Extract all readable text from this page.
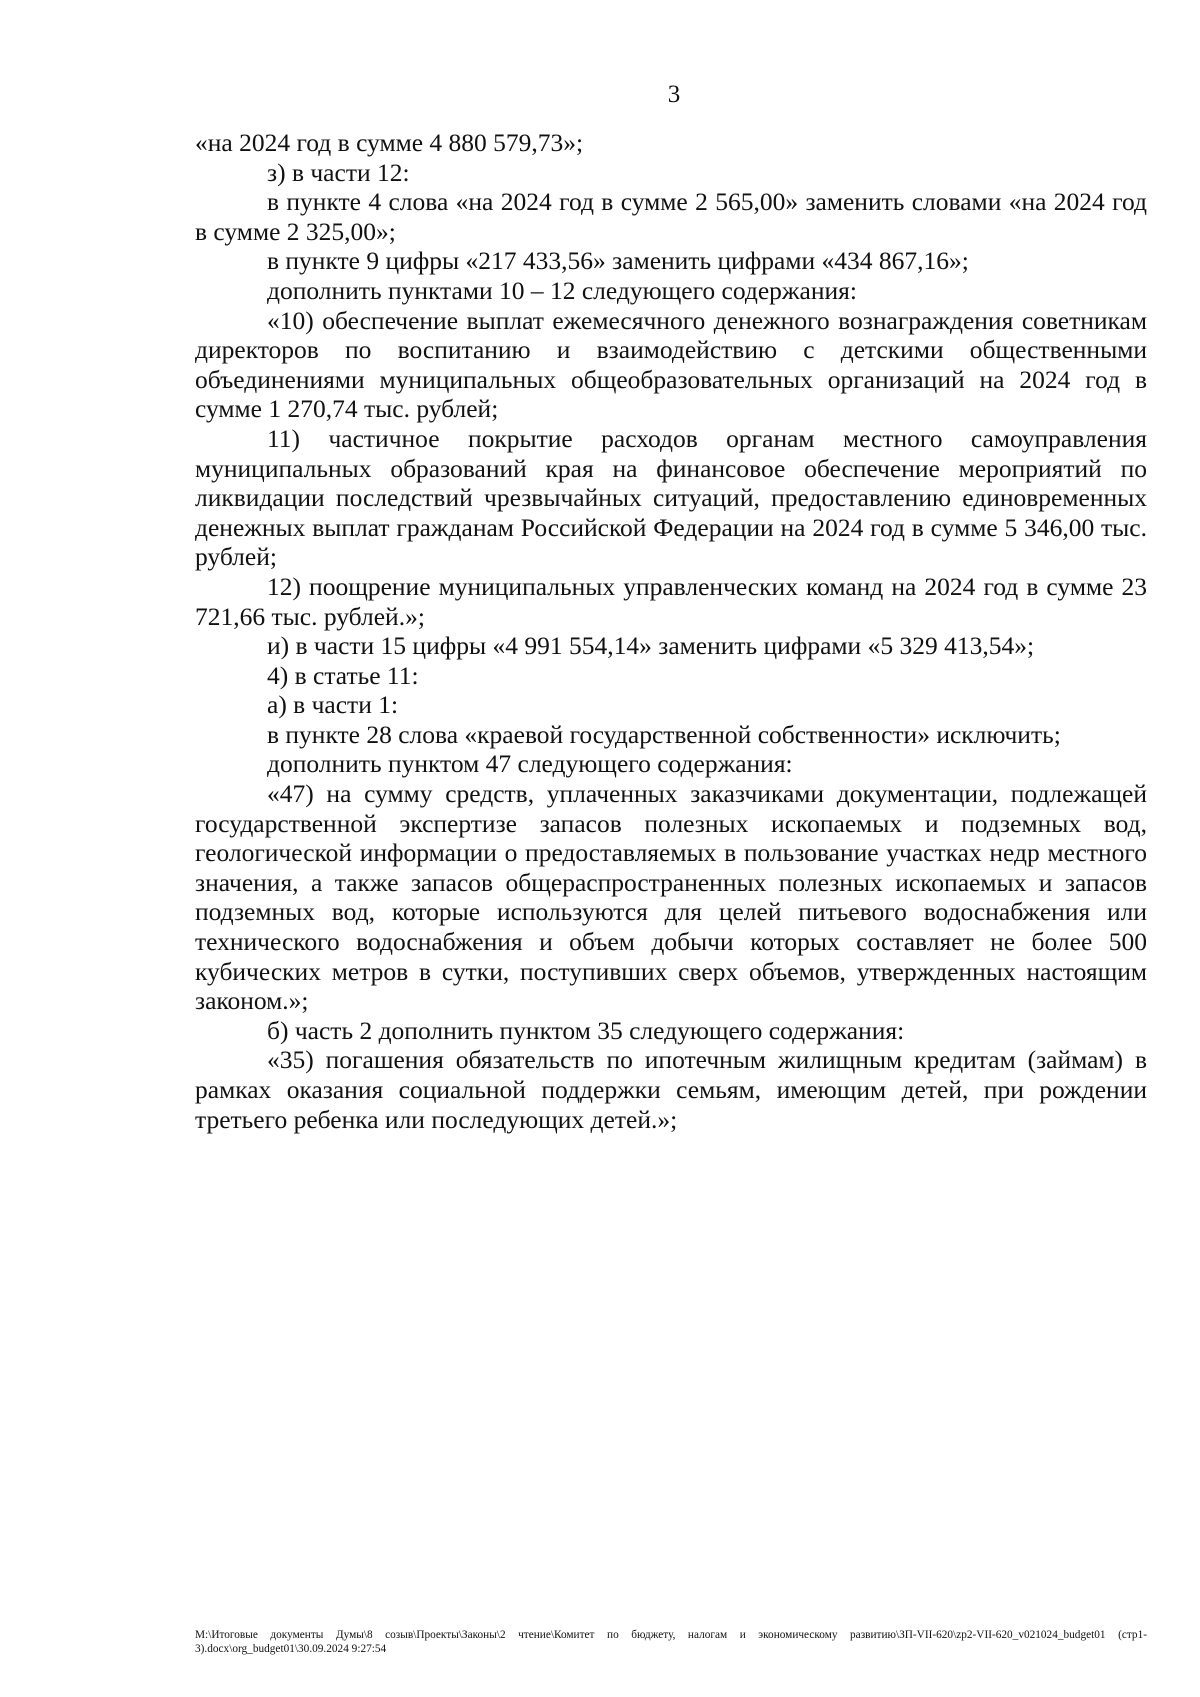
3

«на 2024 год в сумме 4 880 579,73»;

з) в части 12:

в пункте 4 слова «на 2024 год в сумме 2 565,00» заменить словами «на 2024 год в сумме 2 325,00»;

в пункте 9 цифры «217 433,56» заменить цифрами «434 867,16»;

дополнить пунктами 10 – 12 следующего содержания:

«10) обеспечение выплат ежемесячного денежного вознаграждения советникам директоров по воспитанию и взаимодействию с детскими общественными объединениями муниципальных общеобразовательных организаций на 2024 год в сумме 1 270,74 тыс. рублей;

11) частичное покрытие расходов органам местного самоуправления муниципальных образований края на финансовое обеспечение мероприятий по ликвидации последствий чрезвычайных ситуаций, предоставлению единовременных денежных выплат гражданам Российской Федерации на 2024 год в сумме 5 346,00 тыс. рублей;

12) поощрение муниципальных управленческих команд на 2024 год в сумме 23 721,66 тыс. рублей.»;

и) в части 15 цифры «4 991 554,14» заменить цифрами «5 329 413,54»;

4) в статье 11:

а) в части 1:

в пункте 28 слова «краевой государственной собственности» исключить;

дополнить пунктом 47 следующего содержания:

«47) на сумму средств, уплаченных заказчиками документации, подлежащей государственной экспертизе запасов полезных ископаемых и подземных вод, геологической информации о предоставляемых в пользование участках недр местного значения, а также запасов общераспространенных полезных ископаемых и запасов подземных вод, которые используются для целей питьевого водоснабжения или технического водоснабжения и объем добычи которых составляет не более 500 кубических метров в сутки, поступивших сверх объемов, утвержденных настоящим законом.»;

б) часть 2 дополнить пунктом 35 следующего содержания:

«35) погашения обязательств по ипотечным жилищным кредитам (займам) в рамках оказания социальной поддержки семьям, имеющим детей, при рождении третьего ребенка или последующих детей.»;

M:\Итоговые документы Думы\8 созыв\Проекты\Законы\2 чтение\Комитет по бюджету, налогам и экономическому развитию\ЗП-VII-620\zp2-VII-620_v021024_budget01 (стр1-3).docx\org_budget01\30.09.2024 9:27:54
